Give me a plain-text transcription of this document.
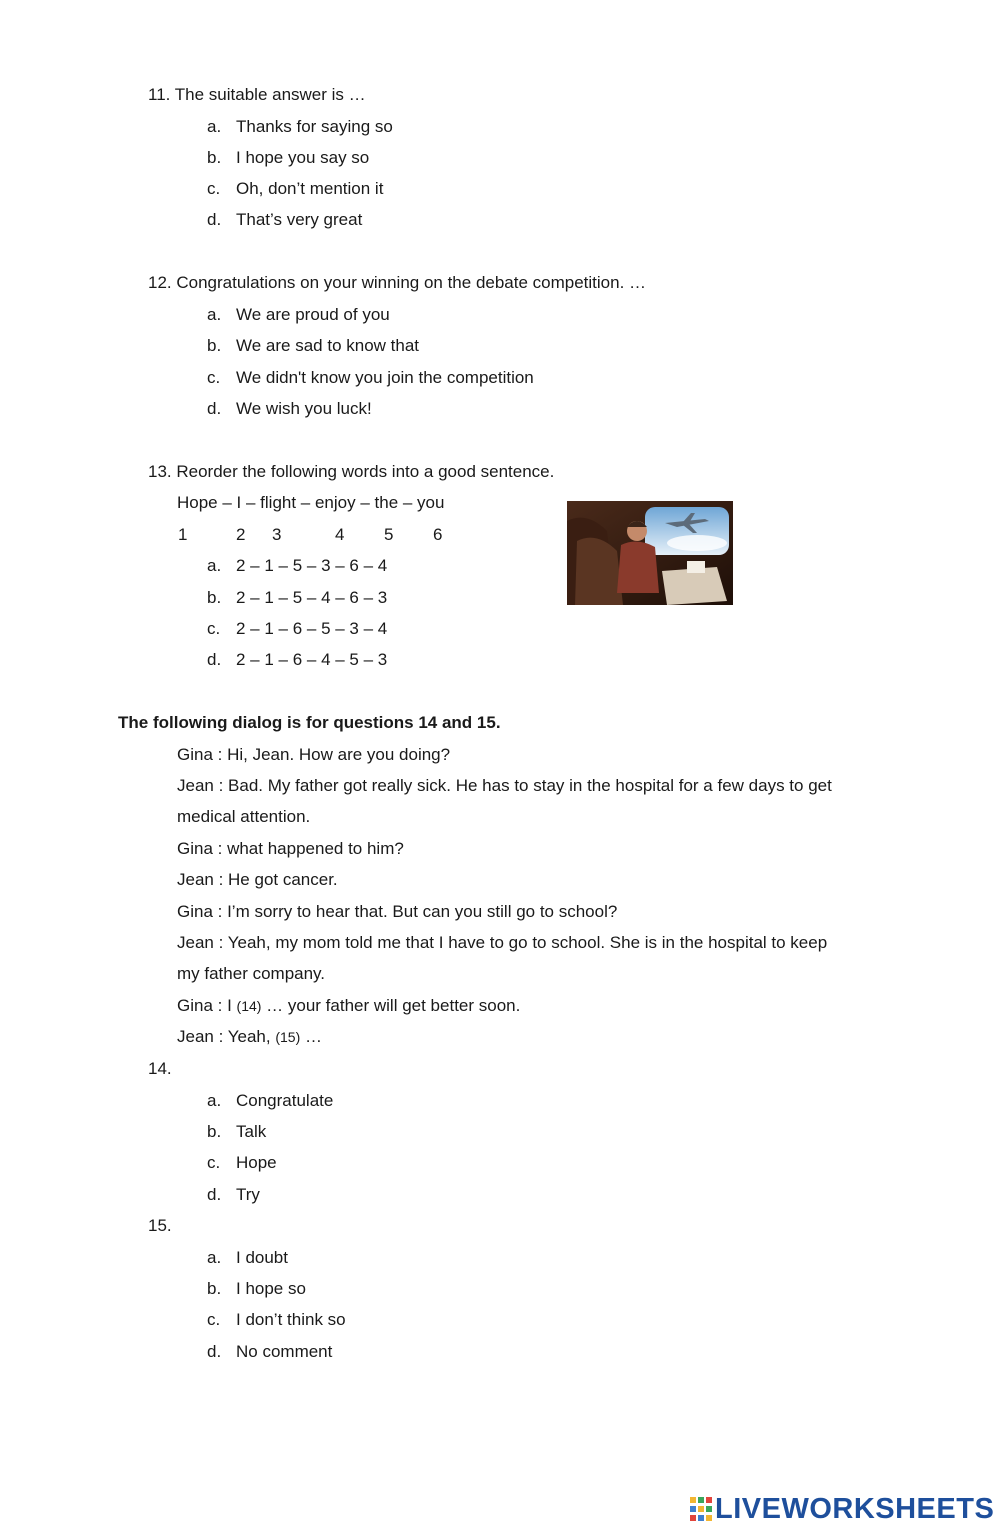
11. The suitable answer is …
a. Thanks for saying so
b. I hope you say so
c. Oh, don’t mention it
d. That’s very great
12. Congratulations on your winning on the debate competition. …
a. We are proud of you
b. We are sad to know that
c. We didn't know you join the competition
d. We wish you luck!
13. Reorder the following words into a good sentence.
Hope – I – flight – enjoy – the – you
1	2 3	4 5 6
a. 2 – 1 – 5 – 3 – 6 – 4
b. 2 – 1 – 5 – 4 – 6 – 3
c. 2 – 1 – 6 – 5 – 3 – 4
d. 2 – 1 – 6 – 4 – 5 – 3
The following dialog is for questions 14 and 15.
Gina : Hi, Jean. How are you doing?
Jean : Bad. My father got really sick. He has to stay in the hospital for a few days to get
medical attention.
Gina : what happened to him?
Jean : He got cancer.
Gina : I’m sorry to hear that. But can you still go to school?
Jean : Yeah, my mom told me that I have to go to school. She is in the hospital to keep
my father company.
Gina : I (14) … your father will get better soon.
Jean : Yeah, (15) …
14.
a. Congratulate
b. Talk
c. Hope
d. Try
15.
a. I doubt
b. I hope so
c. I don’t think so
d. No comment
LIVEWORKSHEETS
